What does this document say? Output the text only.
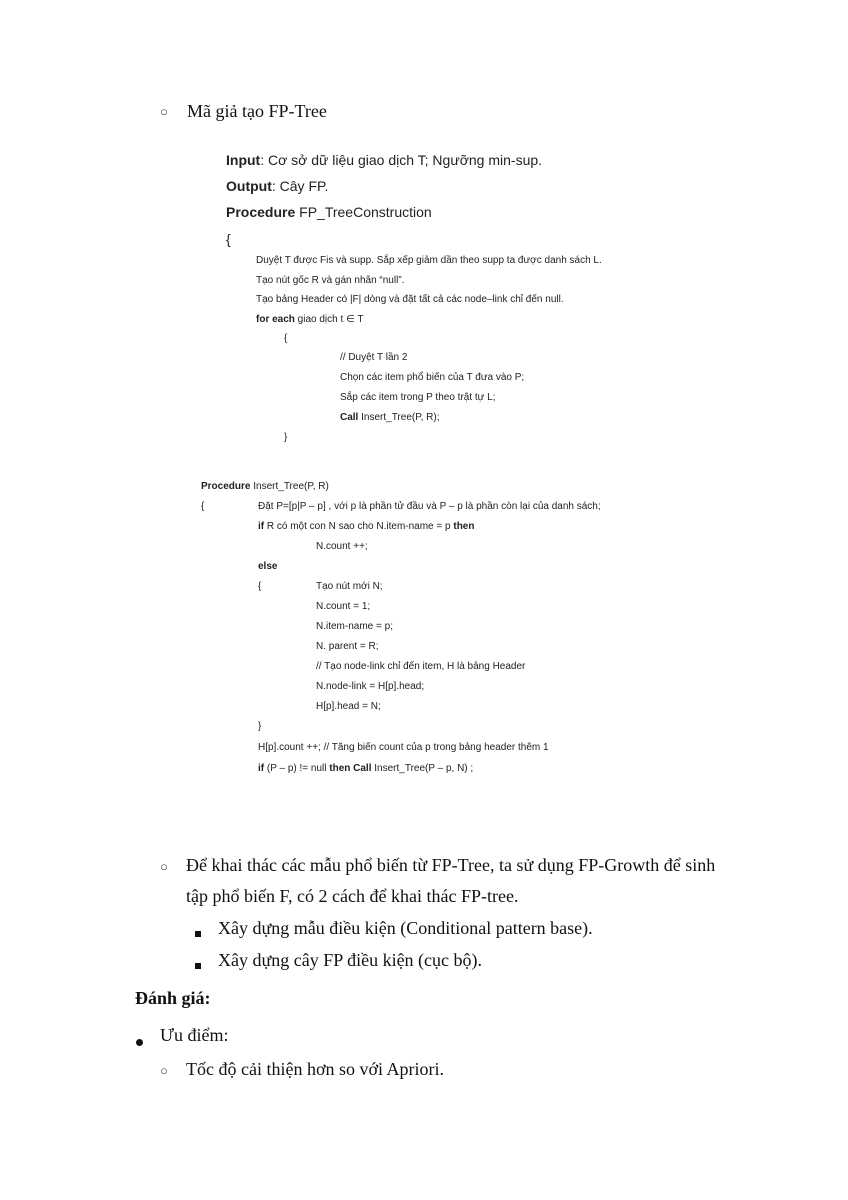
○ Mã giả tạo FP-Tree
Input: Cơ sở dữ liệu giao dịch T; Ngưỡng min-sup.
Output: Cây FP.
Procedure FP_TreeConstruction
{
Duyệt T được Fis và supp. Sắp xếp giảm dần theo supp ta được danh sách L.
Tạo nút gốc R và gán nhãn “null”.
Tạo bảng Header có |F| dòng và đặt tất cả các node–link chỉ đến null.
for each giao dịch t ∈ T
{
// Duyệt T lần 2
Chọn các item phổ biến của T đưa vào P;
Sắp các item trong P theo trật tự L;
Call Insert_Tree(P, R);
}
Procedure Insert_Tree(P, R)
{	Đặt P=[p|P – p] , với p là phần tử đầu và P – p là phần còn lại của danh sách;
if R có một con N sao cho N.item-name = p then
N.count ++;
else
{	Tạo nút mới N;
N.count = 1;
N.item-name = p;
N. parent = R;
// Tạo node-link chỉ đến item, H là bảng Header
N.node-link = H[p].head;
H[p].head = N;
}
H[p].count ++; // Tăng biến count của p trong bảng header thêm 1
if (P – p) != null then Call Insert_Tree(P – p, N) ;
○ Để khai thác các mẫu phổ biến từ FP-Tree, ta sử dụng FP-Growth để sinh
tập phổ biến F, có 2 cách để khai thác FP-tree.
Xây dựng mẫu điều kiện (Conditional pattern base).
Xây dựng cây FP điều kiện (cục bộ).
Đánh giá:
Ưu điểm:
○ Tốc độ cải thiện hơn so với Apriori.
